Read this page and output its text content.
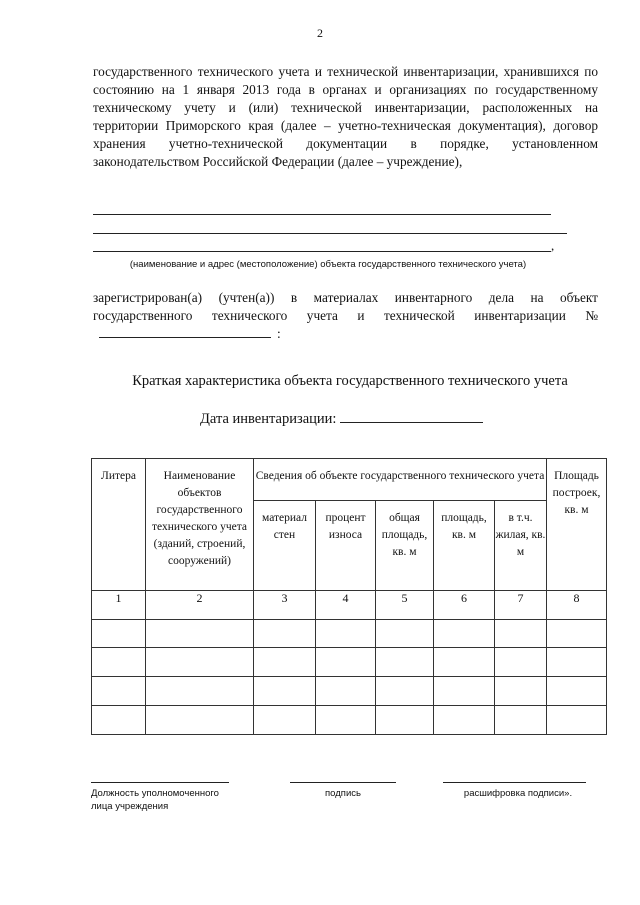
2
государственного технического учета и технической инвентаризации, хранившихся по состоянию на 1 января 2013 года в органах и организациях по государственному техническому учету и (или) технической инвентаризации, расположенных на территории Приморского края (далее – учетно-техническая документация), договор хранения учетно-технической документации в порядке, установленном законодательством Российской Федерации (далее – учреждение),
,
(наименование и адрес (местоположение) объекта государственного технического учета)
зарегистрирован(а) (учтен(а)) в материалах инвентарного дела на объект государственного технического учета и технической инвентаризации №:
Краткая характеристика объекта государственного технического учета
Дата инвентаризации:
Литера	Наименование объектов государственного технического учета (зданий, строений, сооружений)	Сведения об объекте государственного технического учета					Площадь построек, кв. м
		материал стен	процент износа	общая площадь, кв. м	площадь, кв. м	в т.ч. жилая, кв. м	
1	2	3	4	5	6	7	8

Должность уполномоченного лица учреждения
подпись	расшифровка подписи».
